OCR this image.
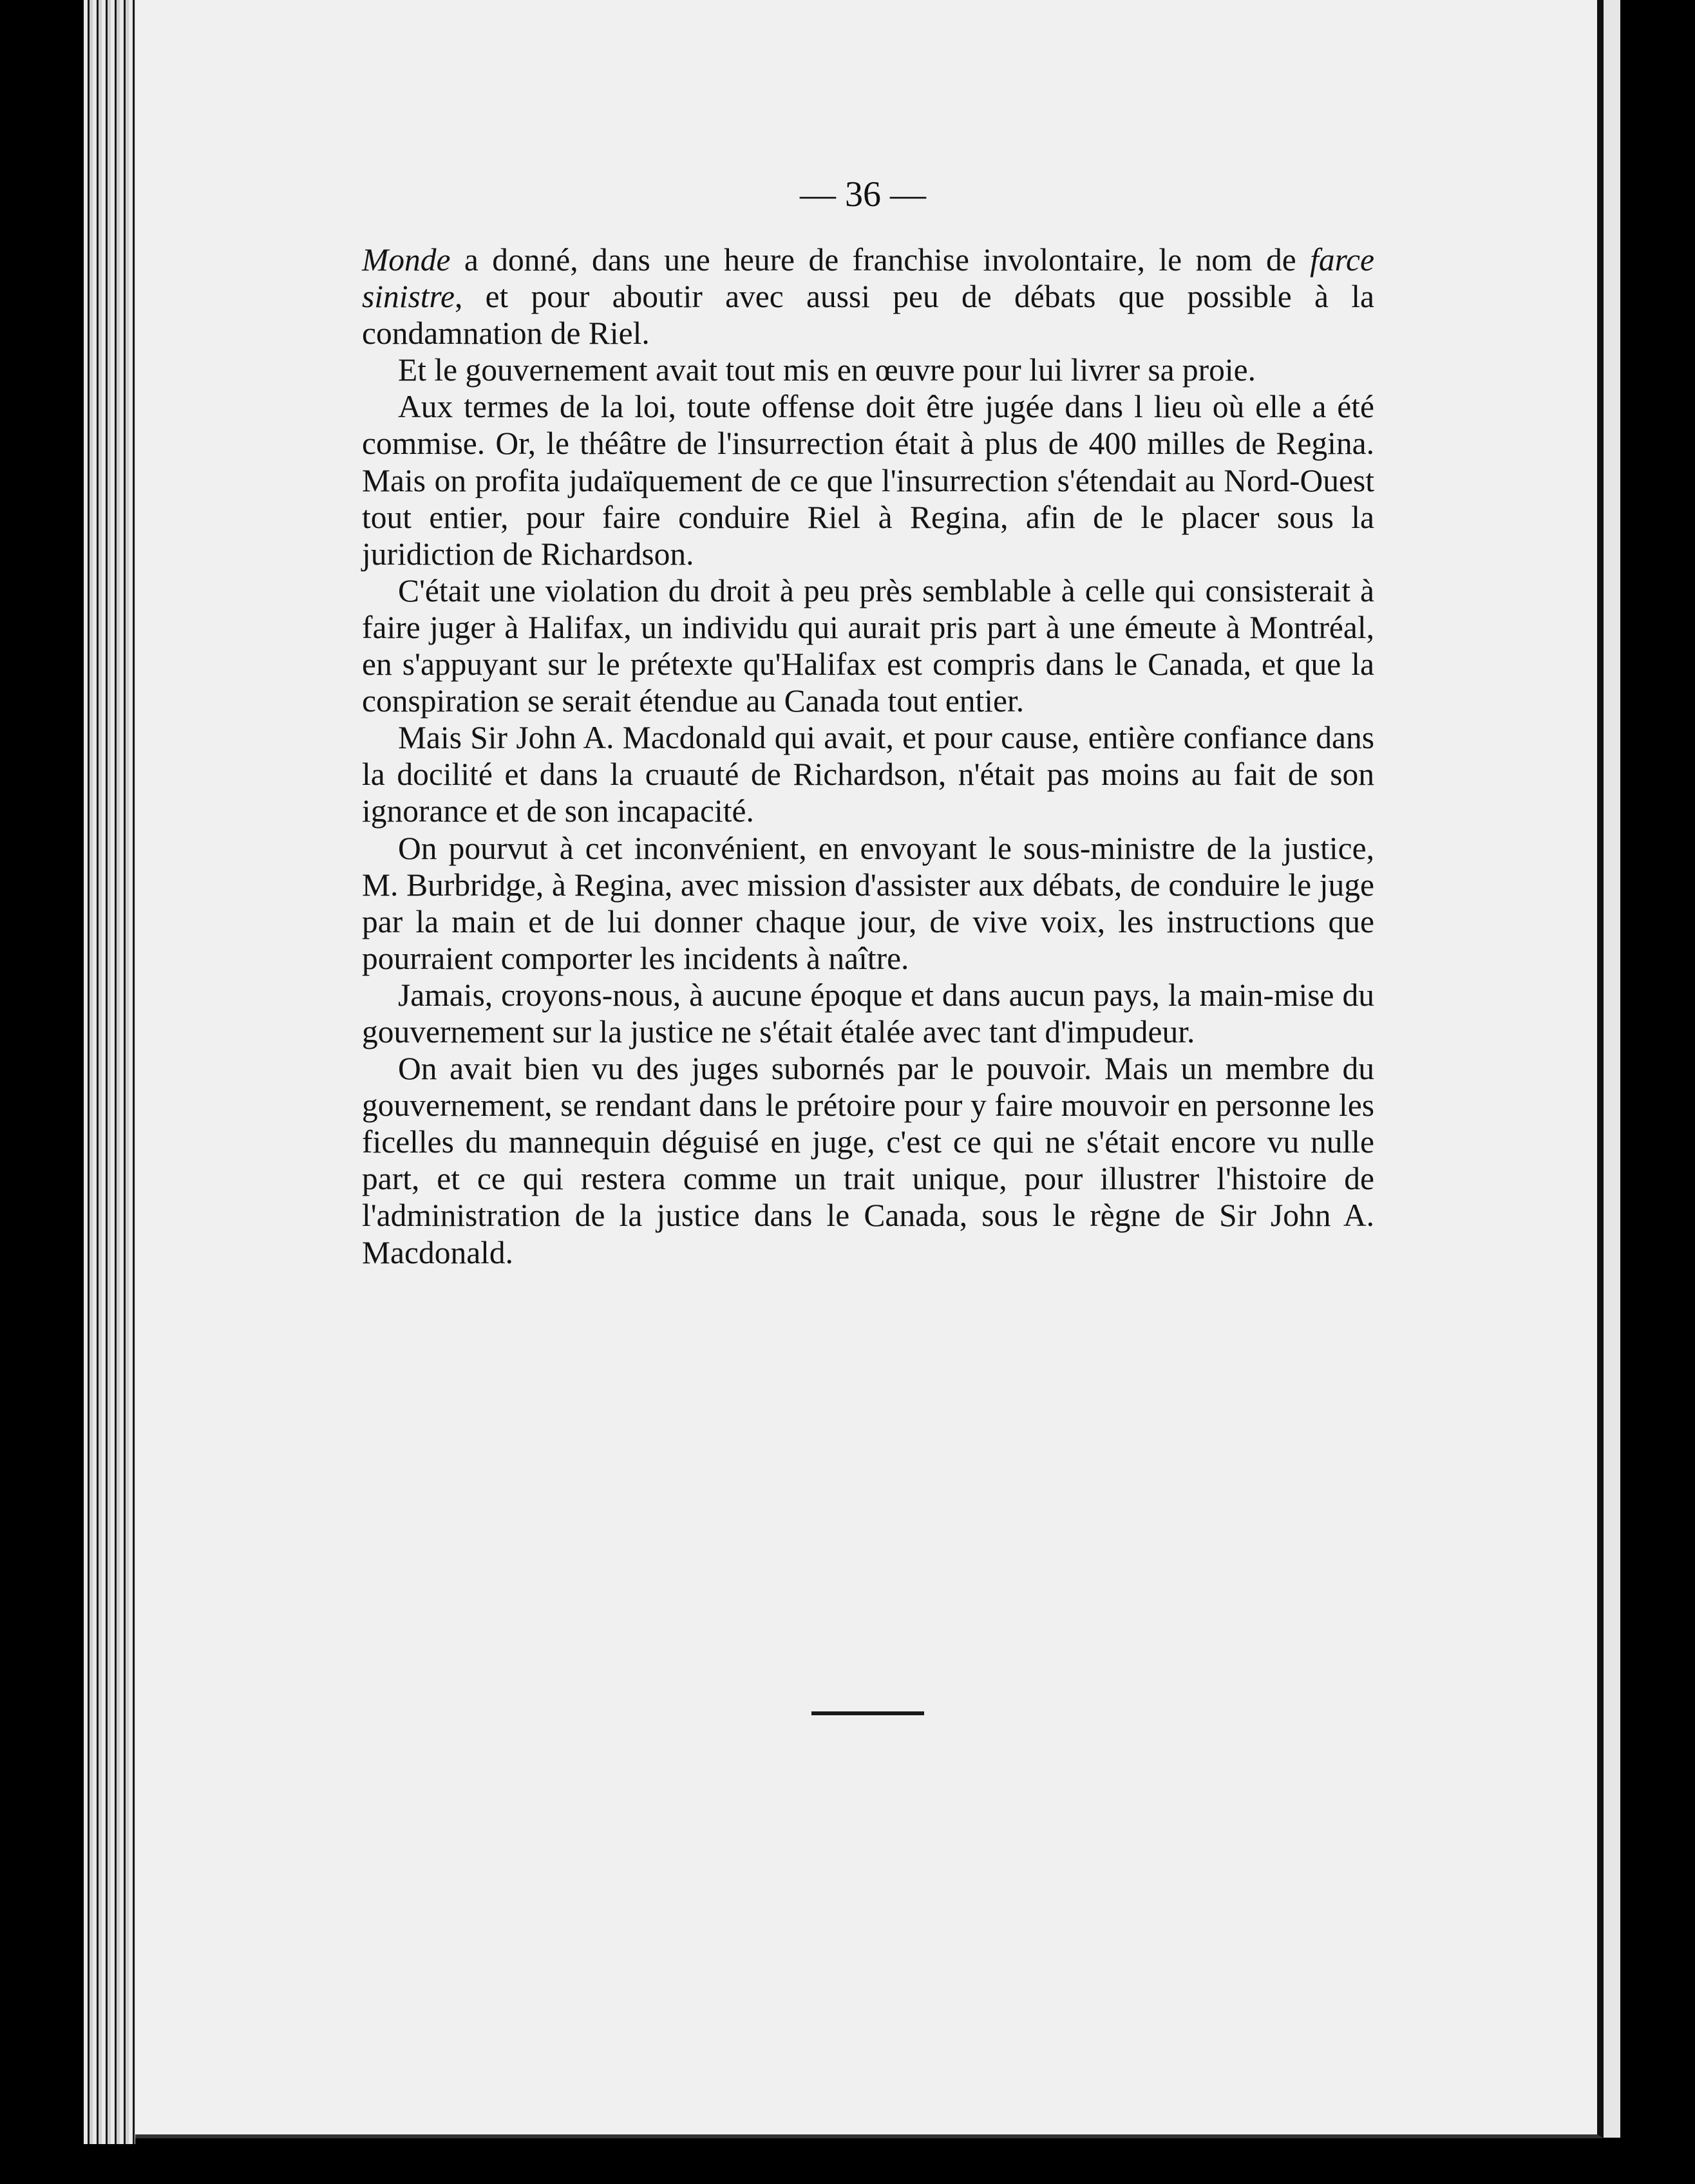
— 36 —

Monde a donné, dans une heure de franchise involontaire, le nom de farce sinistre, et pour aboutir avec aussi peu de débats que possible à la condamnation de Riel.

Et le gouvernement avait tout mis en œuvre pour lui livrer sa proie.

Aux termes de la loi, toute offense doit être jugée dans l lieu où elle a été commise. Or, le théâtre de l'insurrection était à plus de 400 milles de Regina. Mais on profita judaïquement de ce que l'insurrection s'étendait au Nord-Ouest tout entier, pour faire conduire Riel à Regina, afin de le placer sous la juridiction de Richardson.

C'était une violation du droit à peu près semblable à celle qui consisterait à faire juger à Halifax, un individu qui aurait pris part à une émeute à Montréal, en s'appuyant sur le prétexte qu'Halifax est compris dans le Canada, et que la conspiration se serait étendue au Canada tout entier.

Mais Sir John A. Macdonald qui avait, et pour cause, entière confiance dans la docilité et dans la cruauté de Richardson, n'était pas moins au fait de son ignorance et de son incapacité.

On pourvut à cet inconvénient, en envoyant le sous-ministre de la justice, M. Burbridge, à Regina, avec mission d'assister aux débats, de conduire le juge par la main et de lui donner chaque jour, de vive voix, les instructions que pourraient comporter les incidents à naître.

Jamais, croyons-nous, à aucune époque et dans aucun pays, la main-mise du gouvernement sur la justice ne s'était étalée avec tant d'impudeur.

On avait bien vu des juges subornés par le pouvoir. Mais un membre du gouvernement, se rendant dans le prétoire pour y faire mouvoir en personne les ficelles du mannequin déguisé en juge, c'est ce qui ne s'était encore vu nulle part, et ce qui restera comme un trait unique, pour illustrer l'histoire de l'administration de la justice dans le Canada, sous le règne de Sir John A. Macdonald.
